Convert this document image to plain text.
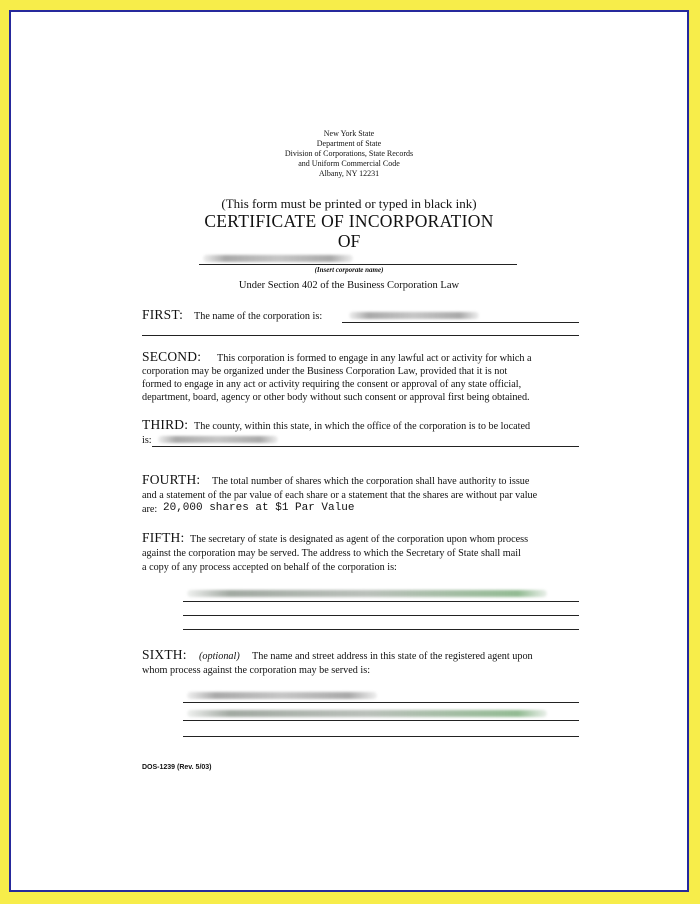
New York State
Department of State
Division of Corporations, State Records
and Uniform Commercial Code
Albany, NY 12231
(This form must be printed or typed in black ink)
CERTIFICATE OF INCORPORATION
OF
(Insert corporate name)
Under Section 402 of the Business Corporation Law
FIRST: The name of the corporation is:
SECOND: This corporation is formed to engage in any lawful act or activity for which a
corporation may be organized under the Business Corporation Law, provided that it is not
formed to engage in any act or activity requiring the consent or approval of any state official,
department, board, agency or other body without such consent or approval first being obtained.
THIRD: The county, within this state, in which the office of the corporation is to be located
is:
FOURTH: The total number of shares which the corporation shall have authority to issue
and a statement of the par value of each share or a statement that the shares are without par value
are: 20,000 shares at $1 Par Value
FIFTH: The secretary of state is designated as agent of the corporation upon whom process
against the corporation may be served. The address to which the Secretary of State shall mail
a copy of any process accepted on behalf of the corporation is:
SIXTH: (optional) The name and street address in this state of the registered agent upon
whom process against the corporation may be served is:
DOS-1239 (Rev. 5/03)
